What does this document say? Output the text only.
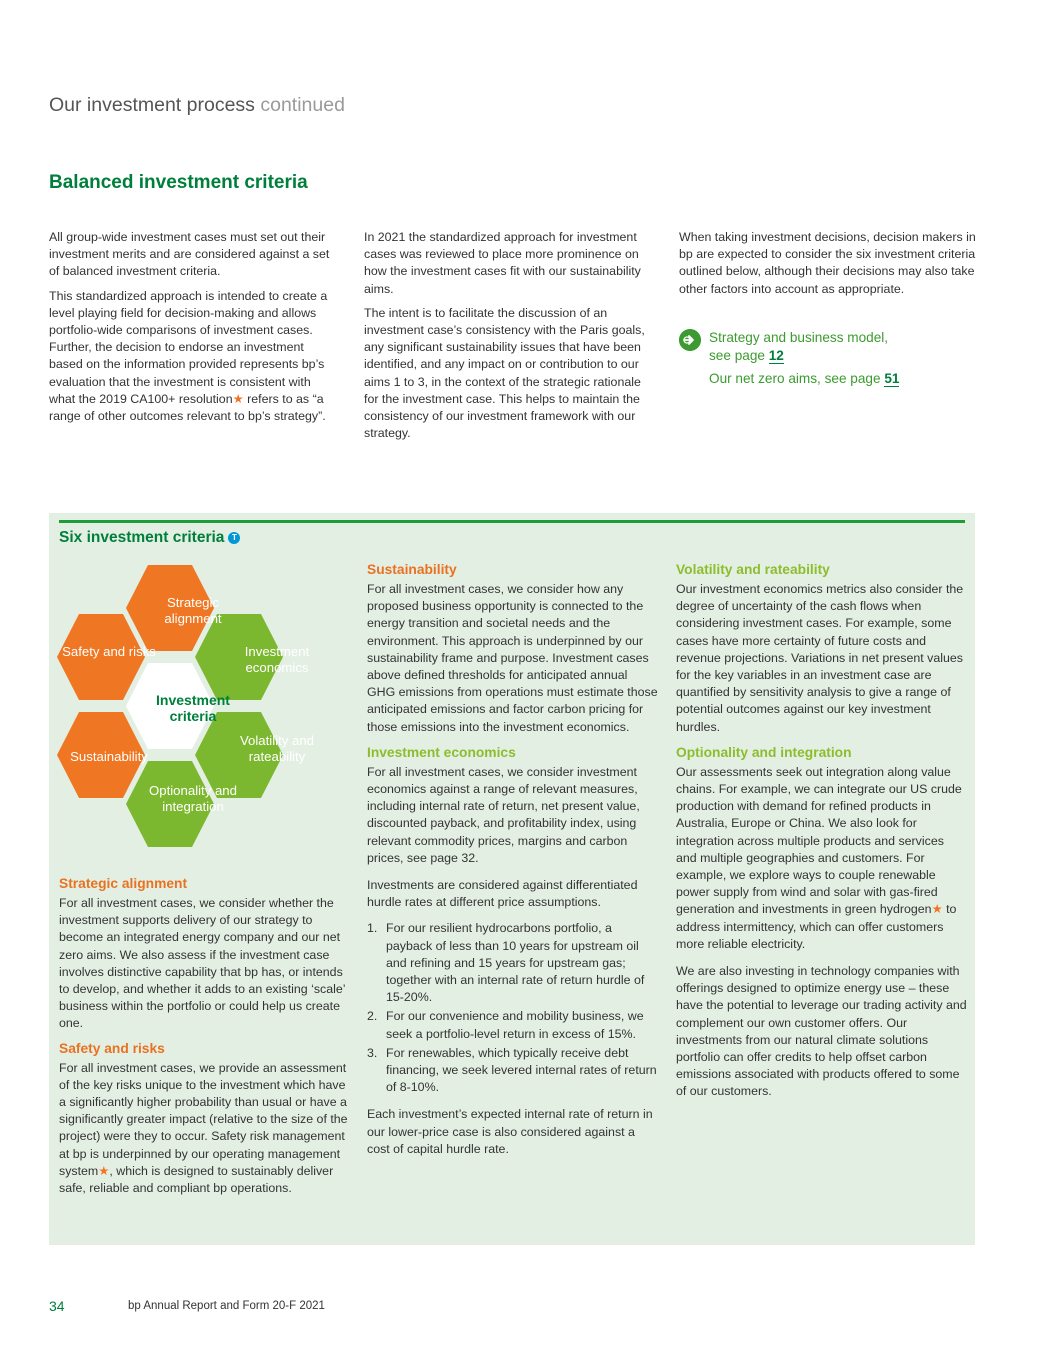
Our investment process continued
Balanced investment criteria

All group-wide investment cases must set out their investment merits and are considered against a set of balanced investment criteria.

This standardized approach is intended to create a level playing field for decision-making and allows portfolio-wide comparisons of investment cases. Further, the decision to endorse an investment based on the information provided represents bp’s evaluation that the investment is consistent with what the 2019 CA100+ resolution★ refers to as “a range of other outcomes relevant to bp’s strategy”.

In 2021 the standardized approach for investment cases was reviewed to place more prominence on how the investment cases fit with our sustainability aims.

The intent is to facilitate the discussion of an investment case’s consistency with the Paris goals, any significant sustainability issues that have been identified, and any impact on or contribution to our aims 1 to 3, in the context of the strategic rationale for the investment case. This helps to maintain the consistency of our investment framework with our strategy.

When taking investment decisions, decision makers in bp are expected to consider the six investment criteria outlined below, although their decisions may also take other factors into account as appropriate.

Strategy and business model,
see page 12
Our net zero aims, see page 51
Six investment criteria T
Strategic alignment
Safety and risks	Investment economics
Investment criteria
Sustainability
Volatility and rateability
Optionality and integration
Strategic alignment

For all investment cases, we consider whether the investment supports delivery of our strategy to become an integrated energy company and our net zero aims. We also assess if the investment case involves distinctive capability that bp has, or intends to develop, and whether it adds to an existing ‘scale’ business within the portfolio or could help us create one.

Safety and risks

For all investment cases, we provide an assessment of the key risks unique to the investment which have a significantly higher probability than usual or have a significantly greater impact (relative to the size of the project) were they to occur. Safety risk management at bp is underpinned by our operating management system★, which is designed to sustainably deliver safe, reliable and compliant bp operations.

Sustainability

For all investment cases, we consider how any proposed business opportunity is connected to the energy transition and societal needs and the environment. This approach is underpinned by our sustainability frame and purpose. Investment cases above defined thresholds for anticipated annual GHG emissions from operations must estimate those anticipated emissions and factor carbon pricing for those emissions into the investment economics.

Investment economics

For all investment cases, we consider investment economics against a range of relevant measures, including internal rate of return, net present value, discounted payback, and profitability index, using relevant commodity prices, margins and carbon prices, see page 32.

Investments are considered against differentiated hurdle rates at different price assumptions.

1. For our resilient hydrocarbons portfolio, a payback of less than 10 years for upstream oil and refining and 15 years for upstream gas; together with an internal rate of return hurdle of 15-20%.
2. For our convenience and mobility business, we seek a portfolio-level return in excess of 15%.
3. For renewables, which typically receive debt financing, we seek levered internal rates of return of 8-10%.

Each investment’s expected internal rate of return in our lower-price case is also considered against a cost of capital hurdle rate.

Volatility and rateability

Our investment economics metrics also consider the degree of uncertainty of the cash flows when considering investment cases. For example, some cases have more certainty of future costs and revenue projections. Variations in net present values for the key variables in an investment case are quantified by sensitivity analysis to give a range of potential outcomes against our key investment hurdles.

Optionality and integration

Our assessments seek out integration along value chains. For example, we can integrate our US crude production with demand for refined products in Australia, Europe or China. We also look for integration across multiple products and services and multiple geographies and customers. For example, we explore ways to couple renewable power supply from wind and solar with gas-fired generation and investments in green hydrogen★ to address intermittency, which can offer customers more reliable electricity.

We are also investing in technology companies with offerings designed to optimize energy use – these have the potential to leverage our trading activity and complement our own customer offers. Our investments from our natural climate solutions portfolio can offer credits to help offset carbon emissions associated with products offered to some of our customers.

34	bp Annual Report and Form 20-F 2021
